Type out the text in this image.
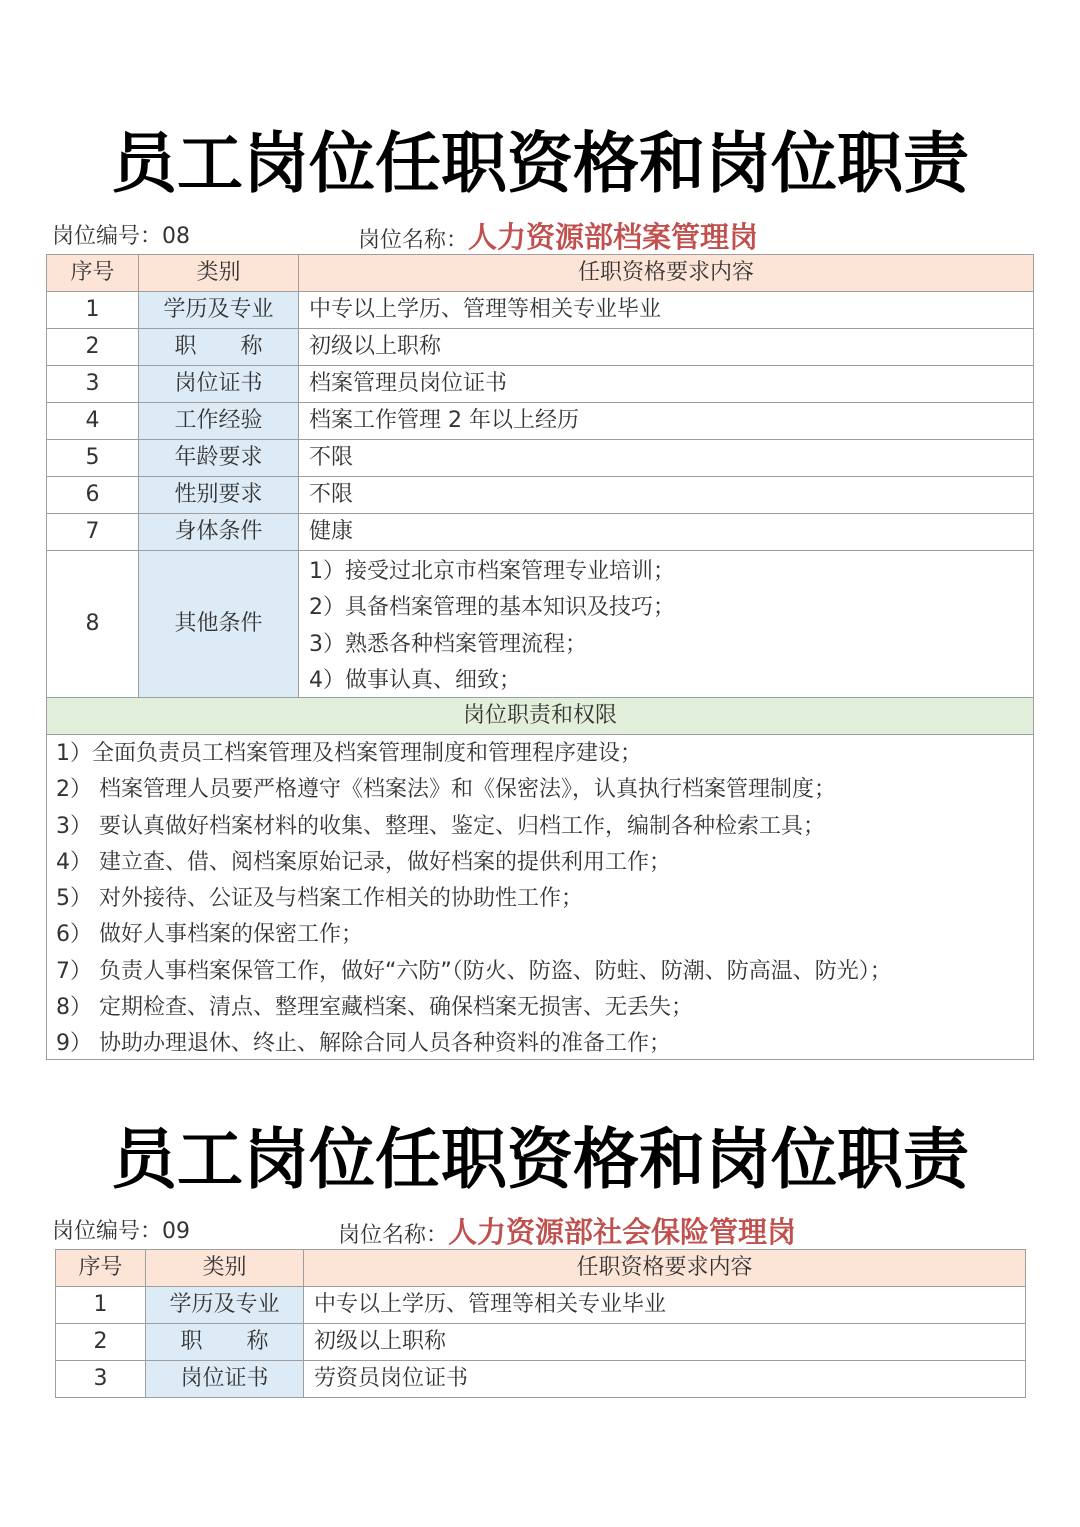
员工岗位任职资格和岗位职责
岗位编号：08	岗位名称：人力资源部档案管理岗
序号	类别	任职资格要求内容
1	学历及专业	中专以上学历、管理等相关专业毕业
2	职　　称	初级以上职称
3	岗位证书	档案管理员岗位证书
4	工作经验	档案工作管理 2 年以上经历
5	年龄要求	不限
6	性别要求	不限
7	身体条件	健康
8	其他条件
1）接受过北京市档案管理专业培训；
2）具备档案管理的基本知识及技巧；
3）熟悉各种档案管理流程；
4）做事认真、细致；
岗位职责和权限
1）全面负责员工档案管理及档案管理制度和管理程序建设；
2） 档案管理人员要严格遵守《档案法》和《保密法》，认真执行档案管理制度；
3） 要认真做好档案材料的收集、整理、鉴定、归档工作，编制各种检索工具；
4） 建立查、借、阅档案原始记录，做好档案的提供利用工作；
5） 对外接待、公证及与档案工作相关的协助性工作；
6） 做好人事档案的保密工作；
7） 负责人事档案保管工作，做好“六防”（防火、防盗、防蛀、防潮、防高温、防光）；
8） 定期检查、清点、整理室藏档案、确保档案无损害、无丢失；
9） 协助办理退休、终止、解除合同人员各种资料的准备工作；
员工岗位任职资格和岗位职责
岗位编号：09	岗位名称：人力资源部社会保险管理岗
序号	类别	任职资格要求内容
1	学历及专业	中专以上学历、管理等相关专业毕业
2	职　　称	初级以上职称
3	岗位证书	劳资员岗位证书
